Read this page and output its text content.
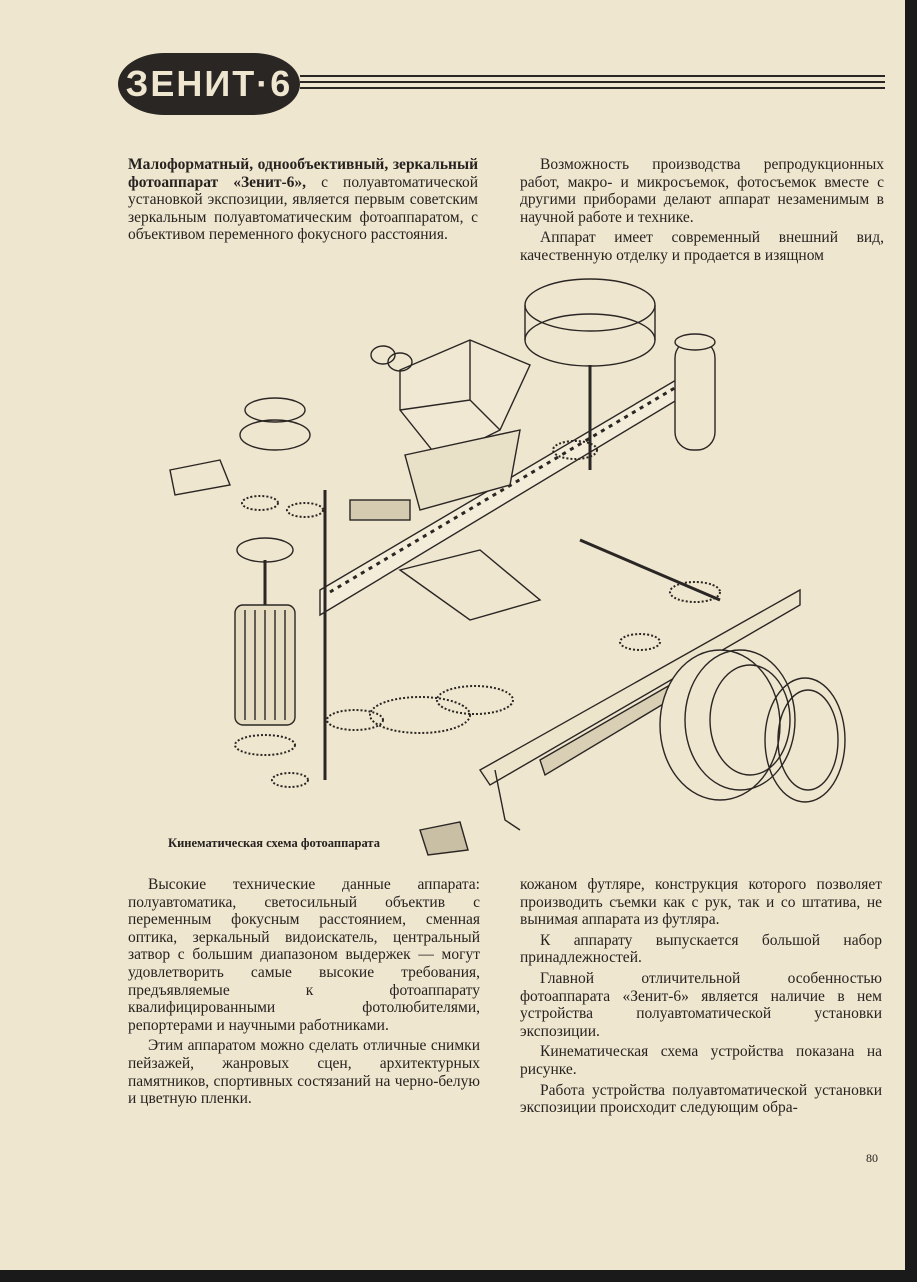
ЗЕНИТ·6

Малоформатный, однообъективный, зеркальный фотоаппарат «Зенит-6», с полуавтоматической установкой экспозиции, является первым советским зеркальным полуавтоматическим фотоаппаратом, с объективом переменного фокусного расстояния.

Возможность производства репродукционных работ, макро- и микросъемок, фотосъемок вместе с другими приборами делают аппарат незаменимым в научной работе и технике.

Аппарат имеет современный внешний вид, качественную отделку и продается в изящном

Кинематическая схема фотоаппарата

Высокие технические данные аппарата: полуавтоматика, светосильный объектив с переменным фокусным расстоянием, сменная оптика, зеркальный видоискатель, центральный затвор с большим диапазоном выдержек — могут удовлетворить самые высокие требования, предъявляемые к фотоаппарату квалифицированными фотолюбителями, репортерами и научными работниками.

Этим аппаратом можно сделать отличные снимки пейзажей, жанровых сцен, архитектурных памятников, спортивных состязаний на черно-белую и цветную пленки.

кожаном футляре, конструкция которого позволяет производить съемки как с рук, так и со штатива, не вынимая аппарата из футляра.

К аппарату выпускается большой набор принадлежностей.

Главной отличительной особенностью фотоаппарата «Зенит-6» является наличие в нем устройства полуавтоматической установки экспозиции.

Кинематическая схема устройства показана на рисунке.

Работа устройства полуавтоматической установки экспозиции происходит следующим обра-

80
